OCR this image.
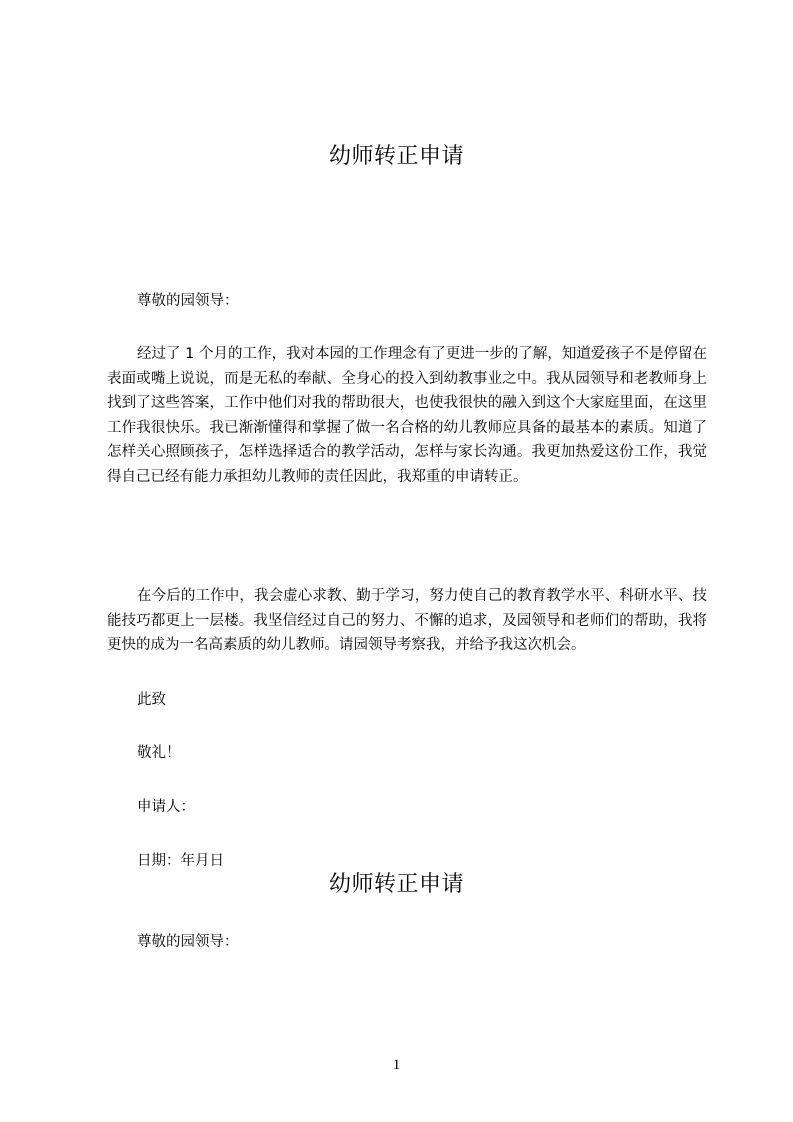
幼师转正申请
尊敬的园领导：
经过了 1 个月的工作，我对本园的工作理念有了更进一步的了解，知道爱孩子不是停留在表面或嘴上说说，而是无私的奉献、全身心的投入到幼教事业之中。我从园领导和老教师身上找到了这些答案，工作中他们对我的帮助很大，也使我很快的融入到这个大家庭里面，在这里工作我很快乐。我已渐渐懂得和掌握了做一名合格的幼儿教师应具备的最基本的素质。知道了怎样关心照顾孩子，怎样选择适合的教学活动，怎样与家长沟通。我更加热爱这份工作，我觉得自己已经有能力承担幼儿教师的责任因此，我郑重的申请转正。
在今后的工作中，我会虚心求教、勤于学习，努力使自己的教育教学水平、科研水平、技能技巧都更上一层楼。我坚信经过自己的努力、不懈的追求，及园领导和老师们的帮助，我将更快的成为一名高素质的幼儿教师。请园领导考察我，并给予我这次机会。
此致
敬礼！
申请人：
日期：年月日
幼师转正申请
尊敬的园领导：
1
